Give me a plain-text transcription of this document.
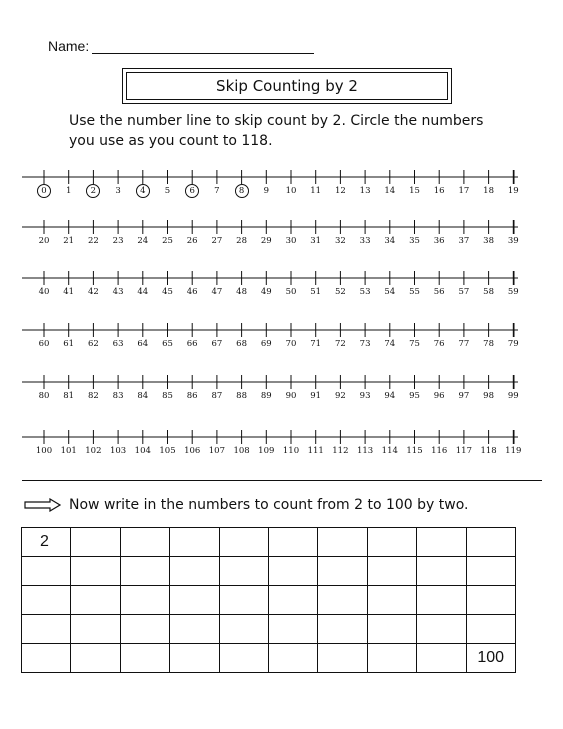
Name:
Skip Counting by 2
Use the number line to skip count by 2. Circle the numbers you use as you count to 118.
0 1 2 3 4 5 6 7 8 9 10 11 12 13 14 15 16 17 18 19
20 21 22 23 24 25 26 27 28 29 30 31 32 33 34 35 36 37 38 39
40 41 42 43 44 45 46 47 48 49 50 51 52 53 54 55 56 57 58 59
60 61 62 63 64 65 66 67 68 69 70 71 72 73 74 75 76 77 78 79
80 81 82 83 84 85 86 87 88 89 90 91 92 93 94 95 96 97 98 99
100 101 102 103 104 105 106 107 108 109 110 111 112 113 114 115 116 117 118 119
Now write in the numbers to count from 2 to 100 by two.
2									

									100
